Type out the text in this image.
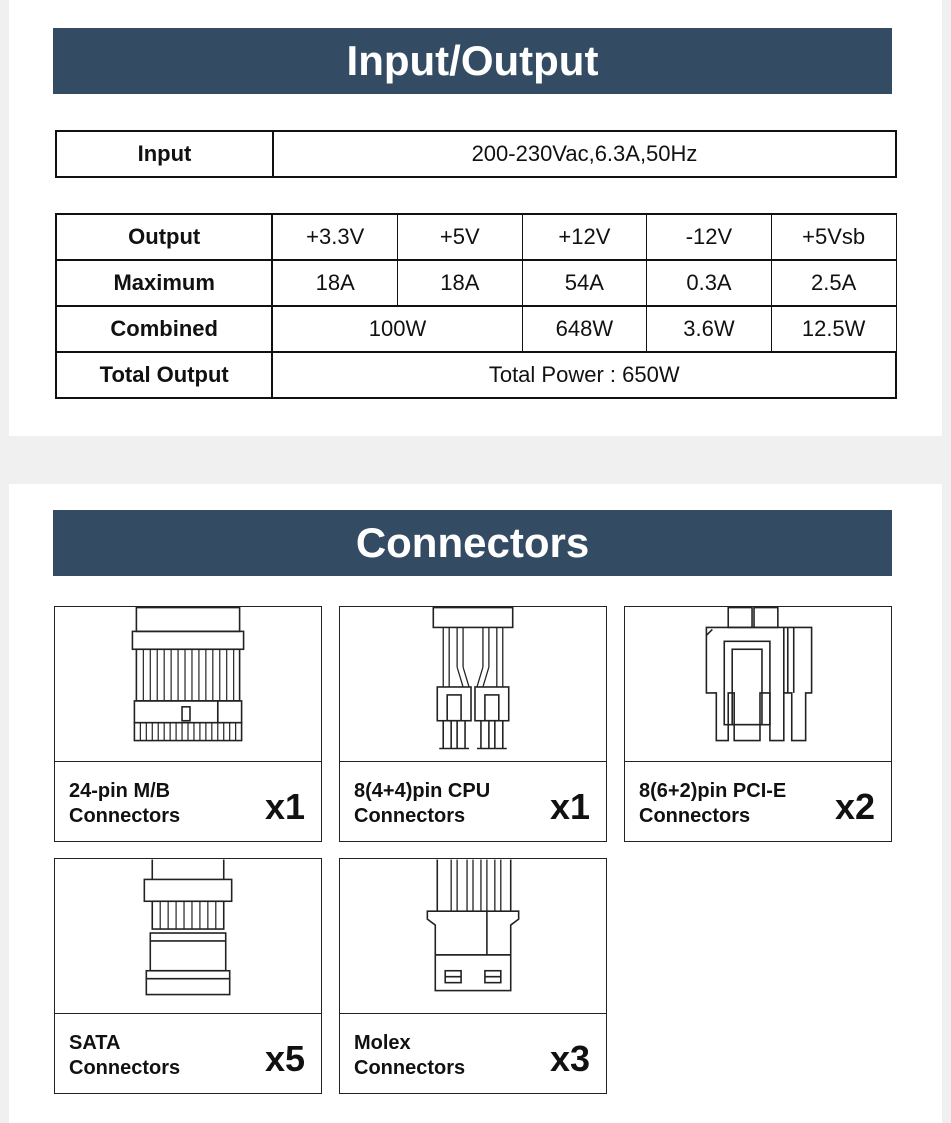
Input/Output
Input	200-230Vac,6.3A,50Hz
Output	+3.3V	+5V	+12V	-12V	+5Vsb
Maximum	18A	18A	54A	0.3A	2.5A
Combined	100W		648W	3.6W	12.5W
Total Output	Total Power : 650W				
Connectors
24-pin M/B
Connectors x1 8(4+4)pin CPU
Connectors	x1 8(6+2)pin PCI-E
Connectors	x2
SATA
Connectors x5 Molex
Connectors x3
